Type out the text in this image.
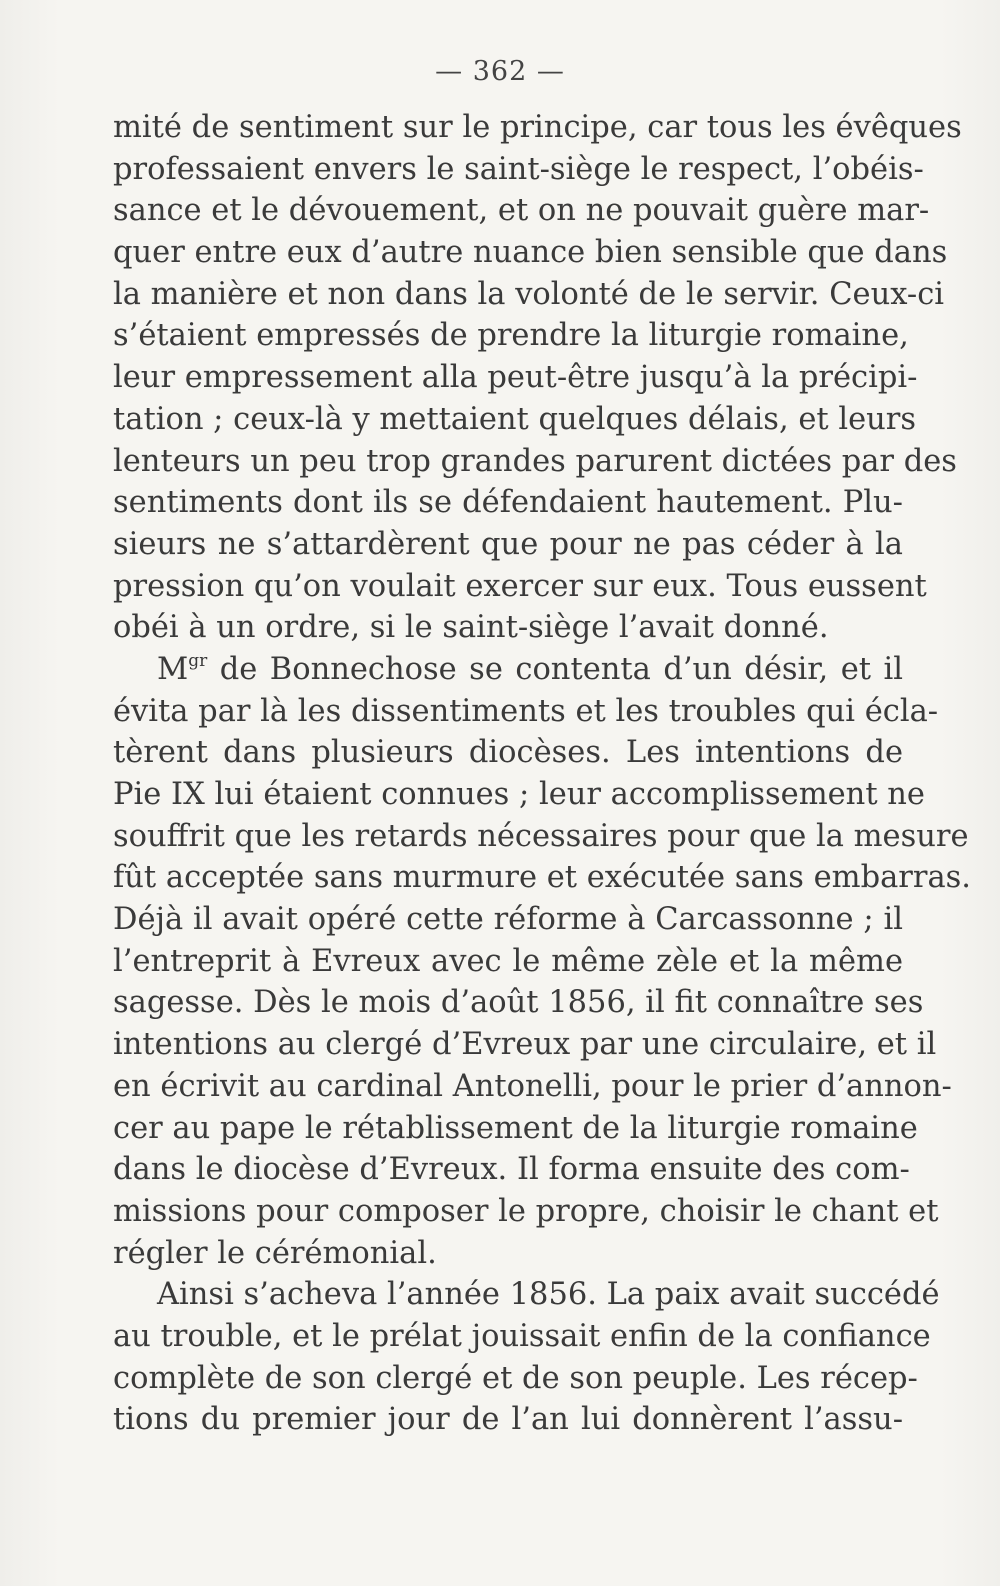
— 362 —
mité de sentiment sur le principe, car tous les évêques
professaient envers le saint-siège le respect, l’obéis-
sance et le dévouement, et on ne pouvait guère mar-
quer entre eux d’autre nuance bien sensible que dans
la manière et non dans la volonté de le servir. Ceux-ci
s’étaient empressés de prendre la liturgie romaine,
leur empressement alla peut-être jusqu’à la précipi-
tation ; ceux-là y mettaient quelques délais, et leurs
lenteurs un peu trop grandes parurent dictées par des
sentiments dont ils se défendaient hautement. Plu-
sieurs ne s’attardèrent que pour ne pas céder à la
pression qu’on voulait exercer sur eux. Tous eussent
obéi à un ordre, si le saint-siège l’avait donné.
$M^{gr}$ de Bonnechose se contenta d’un désir, et il
évita par là les dissentiments et les troubles qui écla-
tèrent dans plusieurs diocèses. Les intentions de
Pie IX lui étaient connues ; leur accomplissement ne
souffrit que les retards nécessaires pour que la mesure
fût acceptée sans murmure et exécutée sans embarras.
Déjà il avait opéré cette réforme à Carcassonne ; il
l’entreprit à Evreux avec le même zèle et la même
sagesse. Dès le mois d’août 1856, il fit connaître ses
intentions au clergé d’Evreux par une circulaire, et il
en écrivit au cardinal Antonelli, pour le prier d’annon-
cer au pape le rétablissement de la liturgie romaine
dans le diocèse d’Evreux. Il forma ensuite des com-
missions pour composer le propre, choisir le chant et
régler le cérémonial.
Ainsi s’acheva l’année 1856. La paix avait succédé
au trouble, et le prélat jouissait enfin de la confiance
complète de son clergé et de son peuple. Les récep-
tions du premier jour de l’an lui donnèrent l’assu-
